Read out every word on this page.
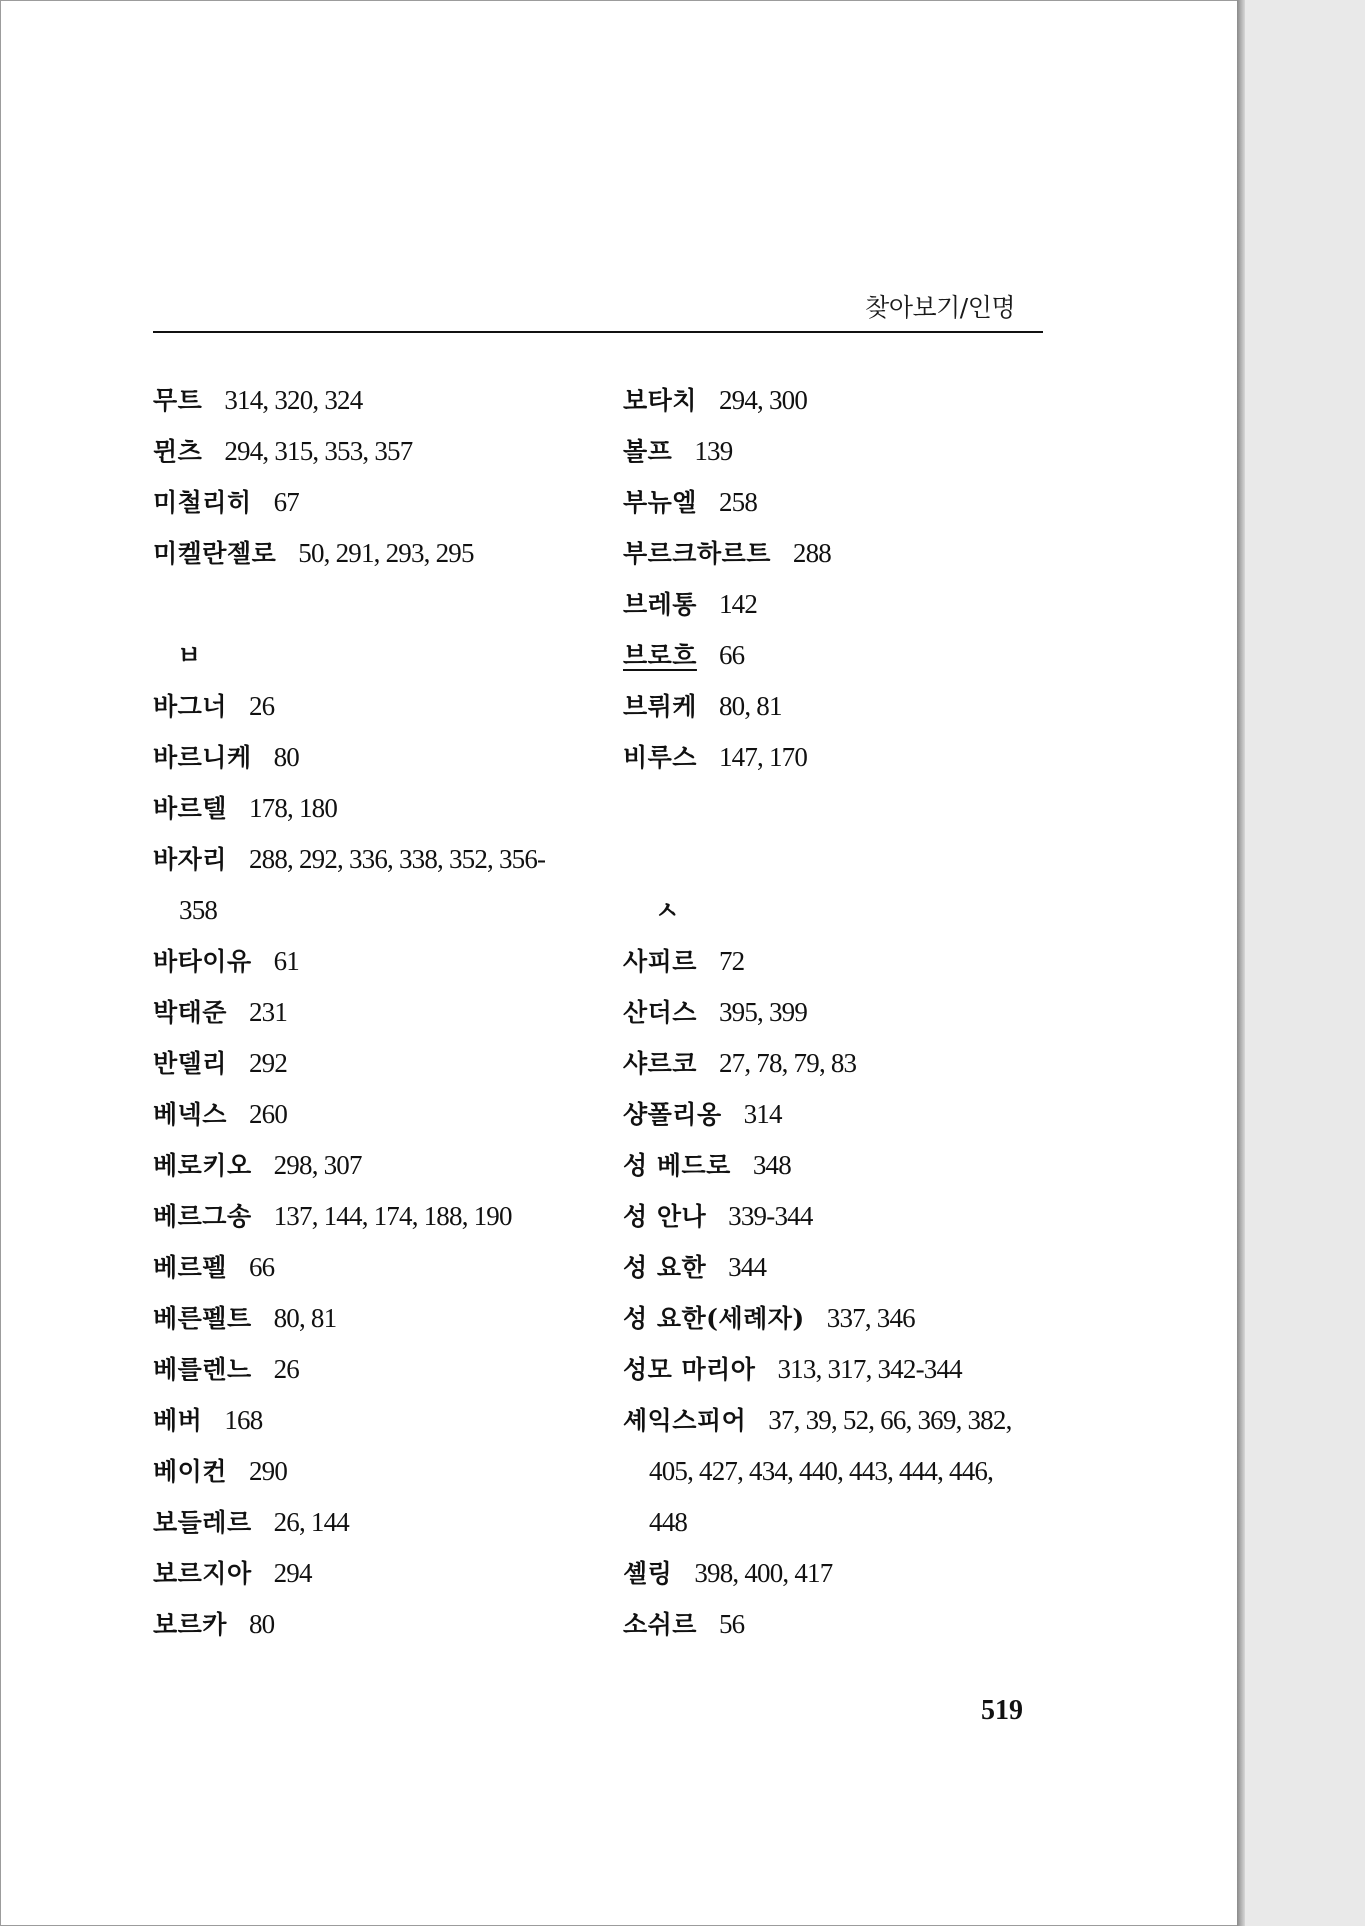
찾아보기/인명
무트 314, 320, 324
뮌츠 294, 315, 353, 357
미철리히 67
미켈란젤로 50, 291, 293, 295
ㅂ
바그너 26
바르니케 80
바르텔 178, 180
바자리 288, 292, 336, 338, 352, 356-
358
바타이유 61
박태준 231
반델리 292
베넥스 260
베로키오 298, 307
베르그송 137, 144, 174, 188, 190
베르펠 66
베른펠트 80, 81
베를렌느 26
베버 168
베이컨 290
보들레르 26, 144
보르지아 294
보르카 80
보타치 294, 300
볼프 139
부뉴엘 258
부르크하르트 288
브레통 142
브로흐 66
브뤼케 80, 81
비루스 147, 170
ㅅ
사피르 72
산더스 395, 399
샤르코 27, 78, 79, 83
샹폴리옹 314
성 베드로 348
성 안나 339-344
성 요한 344
성 요한(세례자) 337, 346
성모 마리아 313, 317, 342-344
셰익스피어 37, 39, 52, 66, 369, 382,
405, 427, 434, 440, 443, 444, 446,
448
셸링 398, 400, 417
소쉬르 56
519
